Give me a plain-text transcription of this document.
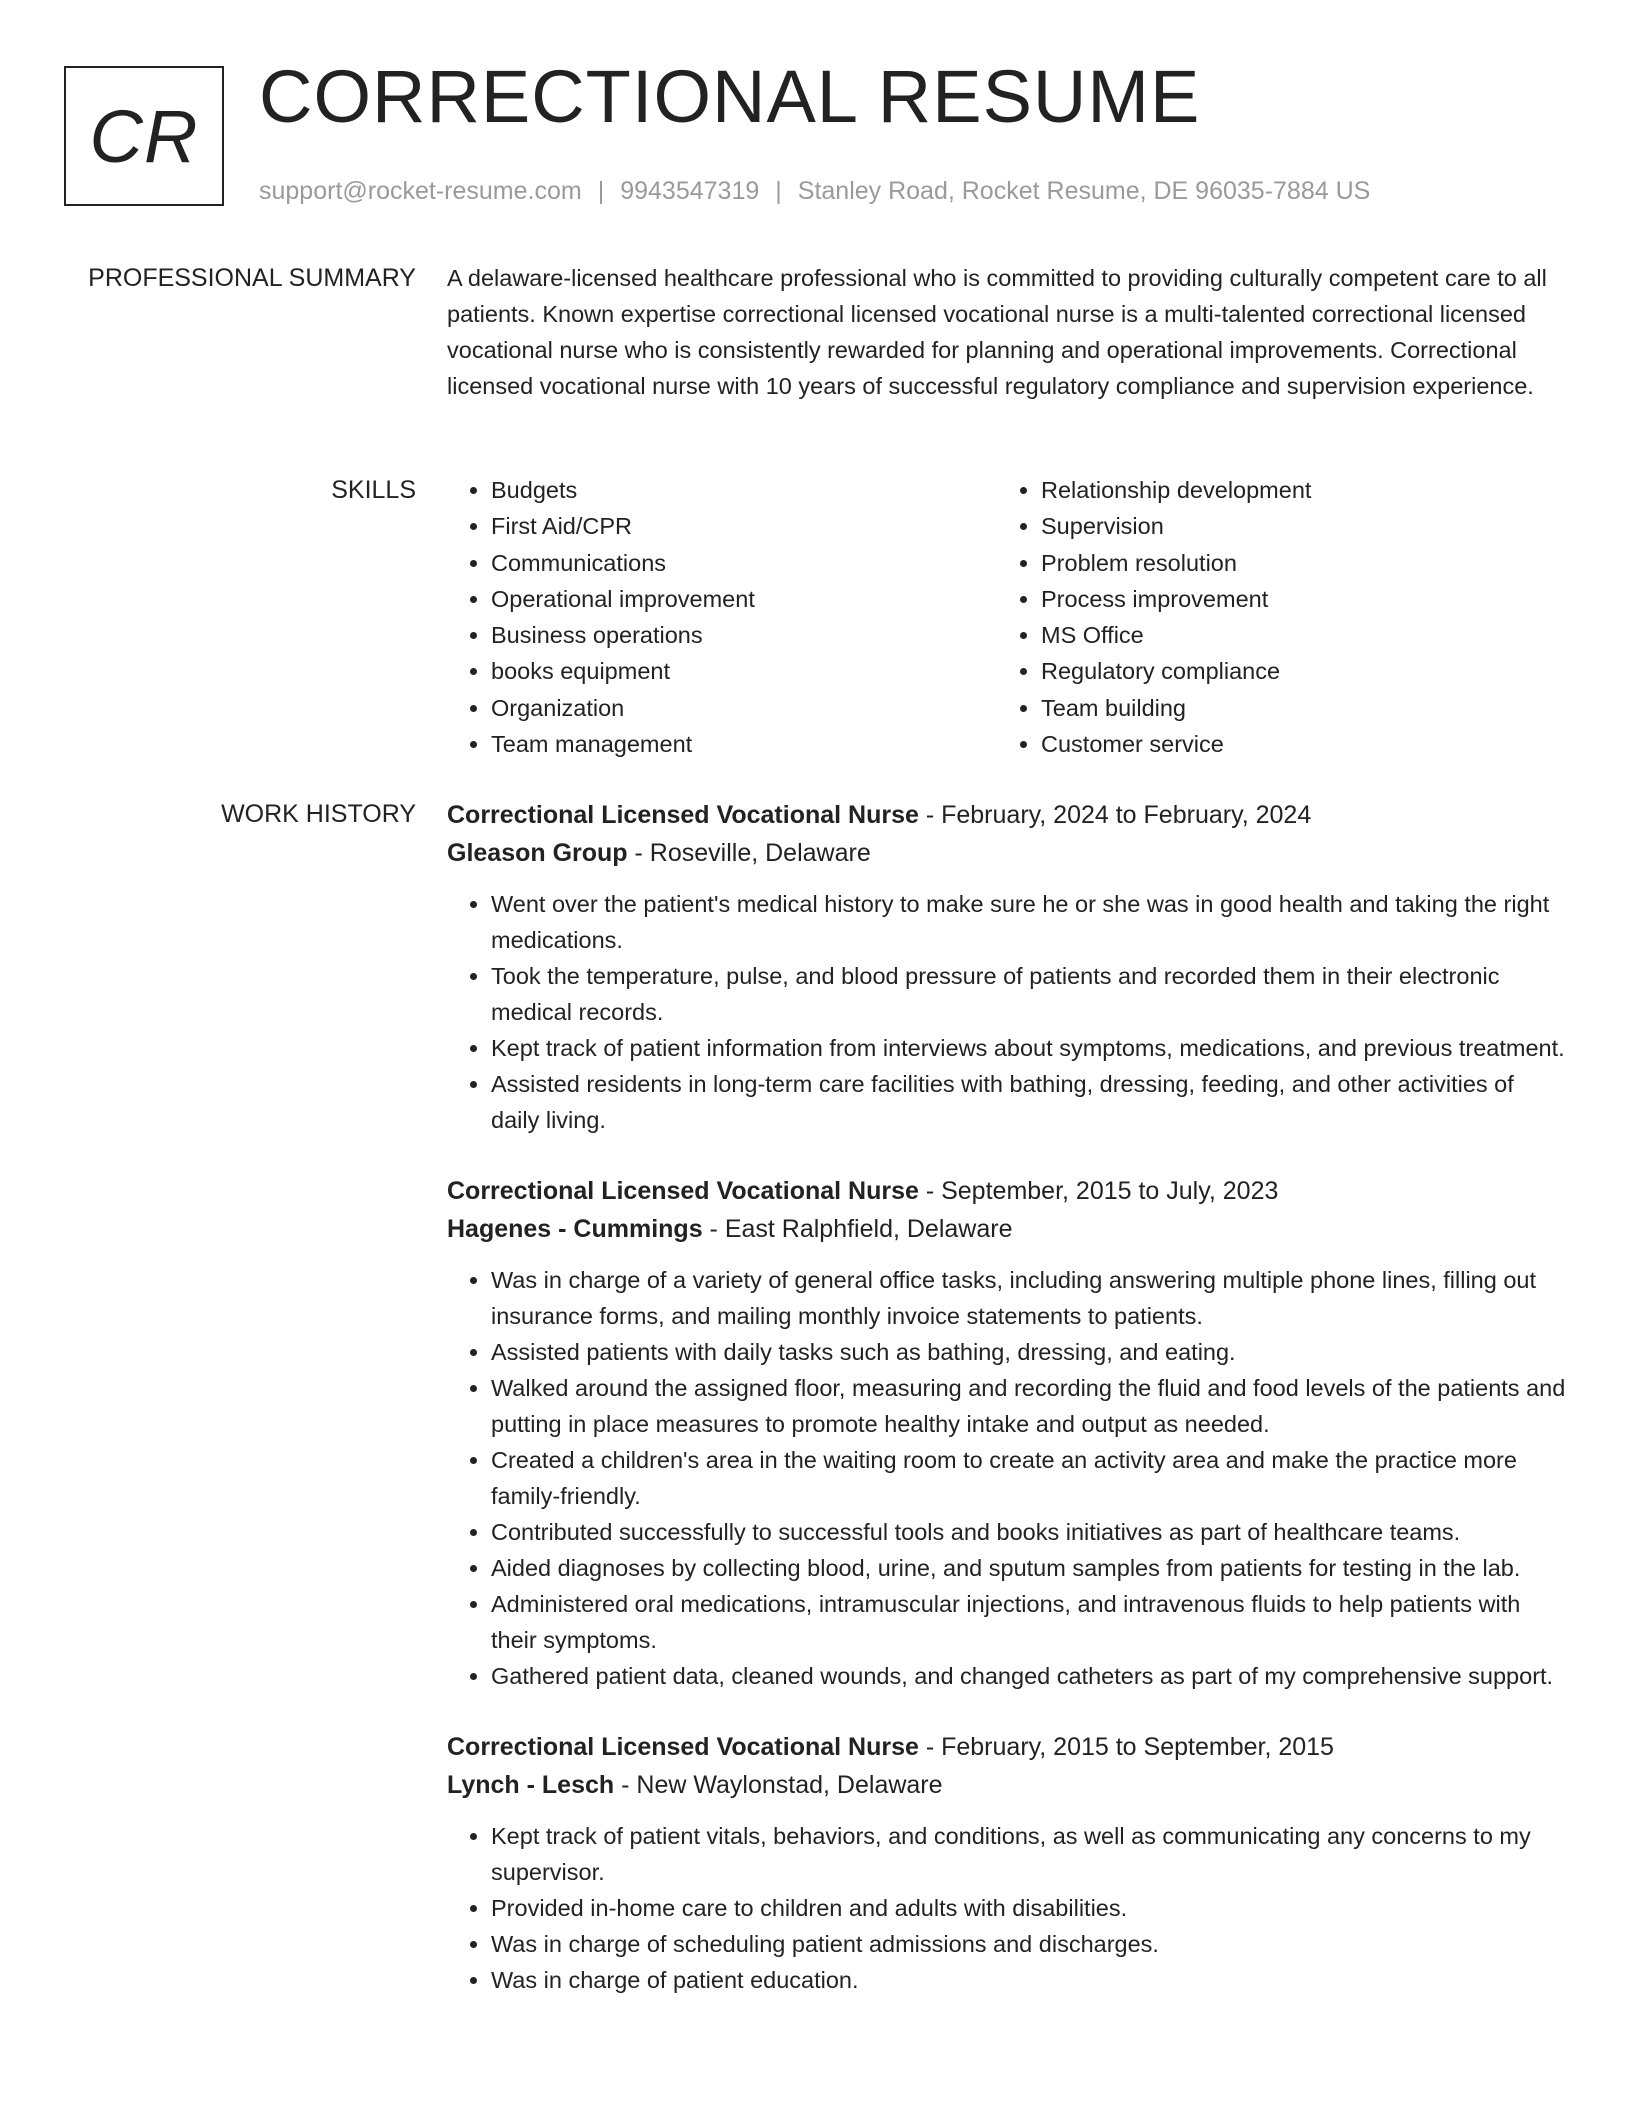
CR CORRECTIONAL RESUME
support@rocket-resume.com | 9943547319 | Stanley Road, Rocket Resume, DE 96035-7884 US
PROFESSIONAL SUMMARY A delaware-licensed healthcare professional who is committed to providing culturally competent care to all patients. Known expertise correctional licensed vocational nurse is a multi-talented correctional licensed vocational nurse who is consistently rewarded for planning and operational improvements. Correctional licensed vocational nurse with 10 years of successful regulatory compliance and supervision experience.

SKILLS
•	Budgets
• First Aid/CPR
• Communications
• Operational improvement
• Business operations
• books equipment
• Organization
• Team management
• Relationship development
• Supervision
• Problem resolution
• Process improvement
• MS Office
• Regulatory compliance
• Team building
• Customer service
WORK HISTORY Correctional Licensed Vocational Nurse - February, 2024 to February, 2024
Gleason Group - Roseville, Delaware
• Went over the patient's medical history to make sure he or she was in good health and taking the right medications.
• Took the temperature, pulse, and blood pressure of patients and recorded them in their electronic medical records.
• Kept track of patient information from interviews about symptoms, medications, and previous treatment.
• Assisted residents in long-term care facilities with bathing, dressing, feeding, and other activities of daily living.
Correctional Licensed Vocational Nurse - September, 2015 to July, 2023
Hagenes - Cummings - East Ralphfield, Delaware
• Was in charge of a variety of general office tasks, including answering multiple phone lines, filling out insurance forms, and mailing monthly invoice statements to patients.
• Assisted patients with daily tasks such as bathing, dressing, and eating.
• Walked around the assigned floor, measuring and recording the fluid and food levels of the patients and putting in place measures to promote healthy intake and output as needed.
• Created a children's area in the waiting room to create an activity area and make the practice more family-friendly.
• Contributed successfully to successful tools and books initiatives as part of healthcare teams.
• Aided diagnoses by collecting blood, urine, and sputum samples from patients for testing in the lab.
• Administered oral medications, intramuscular injections, and intravenous fluids to help patients with their symptoms.
• Gathered patient data, cleaned wounds, and changed catheters as part of my comprehensive support.
Correctional Licensed Vocational Nurse - February, 2015 to September, 2015
Lynch - Lesch - New Waylonstad, Delaware
• Kept track of patient vitals, behaviors, and conditions, as well as communicating any concerns to my supervisor.
• Provided in-home care to children and adults with disabilities.
• Was in charge of scheduling patient admissions and discharges.
• Was in charge of patient education.
